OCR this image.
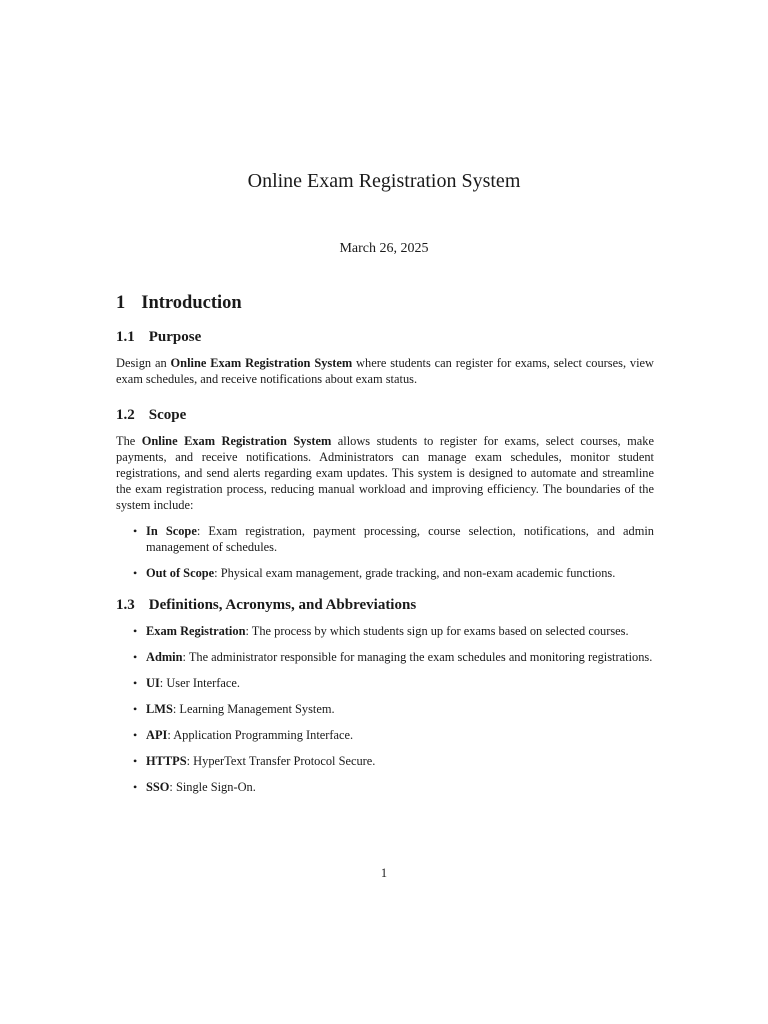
Online Exam Registration System
March 26, 2025
1 Introduction
1.1 Purpose

Design an Online Exam Registration System where students can register for exams, select courses, view exam schedules, and receive notifications about exam status.

1.2 Scope

The Online Exam Registration System allows students to register for exams, select courses, make payments, and receive notifications. Administrators can manage exam schedules, monitor student registrations, and send alerts regarding exam updates. This system is designed to automate and streamline the exam registration process, reducing manual workload and improving efficiency. The boundaries of the system include:

• In Scope: Exam registration, payment processing, course selection, notifications, and admin management of schedules.
• Out of Scope: Physical exam management, grade tracking, and non-exam academic functions.
1.3 Definitions, Acronyms, and Abbreviations
• Exam Registration: The process by which students sign up for exams based on selected courses.
• Admin: The administrator responsible for managing the exam schedules and monitoring registrations.
• UI: User Interface.
• LMS: Learning Management System.
• API: Application Programming Interface.
• HTTPS: HyperText Transfer Protocol Secure.
• SSO: Single Sign-On.
1
